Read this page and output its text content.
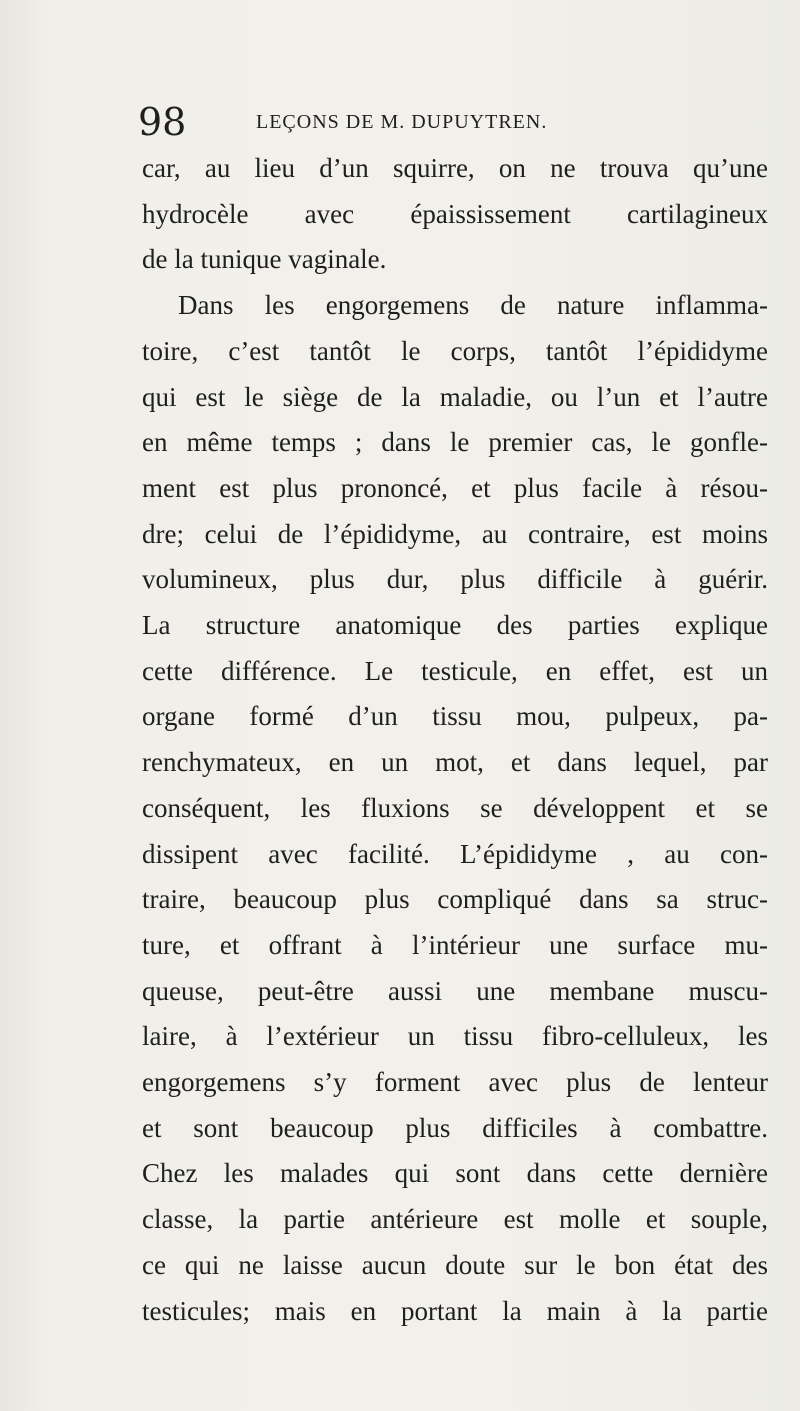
98	LEÇONS DE M. DUPUYTREN.
car, au lieu d’un squirre, on ne trouva qu’une
hydrocèle avec épaississement cartilagineux
de la tunique vaginale.
Dans les engorgemens de nature inflamma-
toire, c’est tantôt le corps, tantôt l’épididyme
qui est le siège de la maladie, ou l’un et l’autre
en même temps ; dans le premier cas, le gonfle-
ment est plus prononcé, et plus facile à résou-
dre; celui de l’épididyme, au contraire, est moins
volumineux, plus dur, plus difficile à guérir.
La structure anatomique des parties explique
cette différence. Le testicule, en effet, est un
organe formé d’un tissu mou, pulpeux, pa-
renchymateux, en un mot, et dans lequel, par
conséquent, les fluxions se développent et se
dissipent avec facilité. L’épididyme , au con-
traire, beaucoup plus compliqué dans sa struc-
ture, et offrant à l’intérieur une surface mu-
queuse, peut-être aussi une membane muscu-
laire, à l’extérieur un tissu fibro-celluleux, les
engorgemens s’y forment avec plus de lenteur
et sont beaucoup plus difficiles à combattre.
Chez les malades qui sont dans cette dernière
classe, la partie antérieure est molle et souple,
ce qui ne laisse aucun doute sur le bon état des
testicules; mais en portant la main à la partie
